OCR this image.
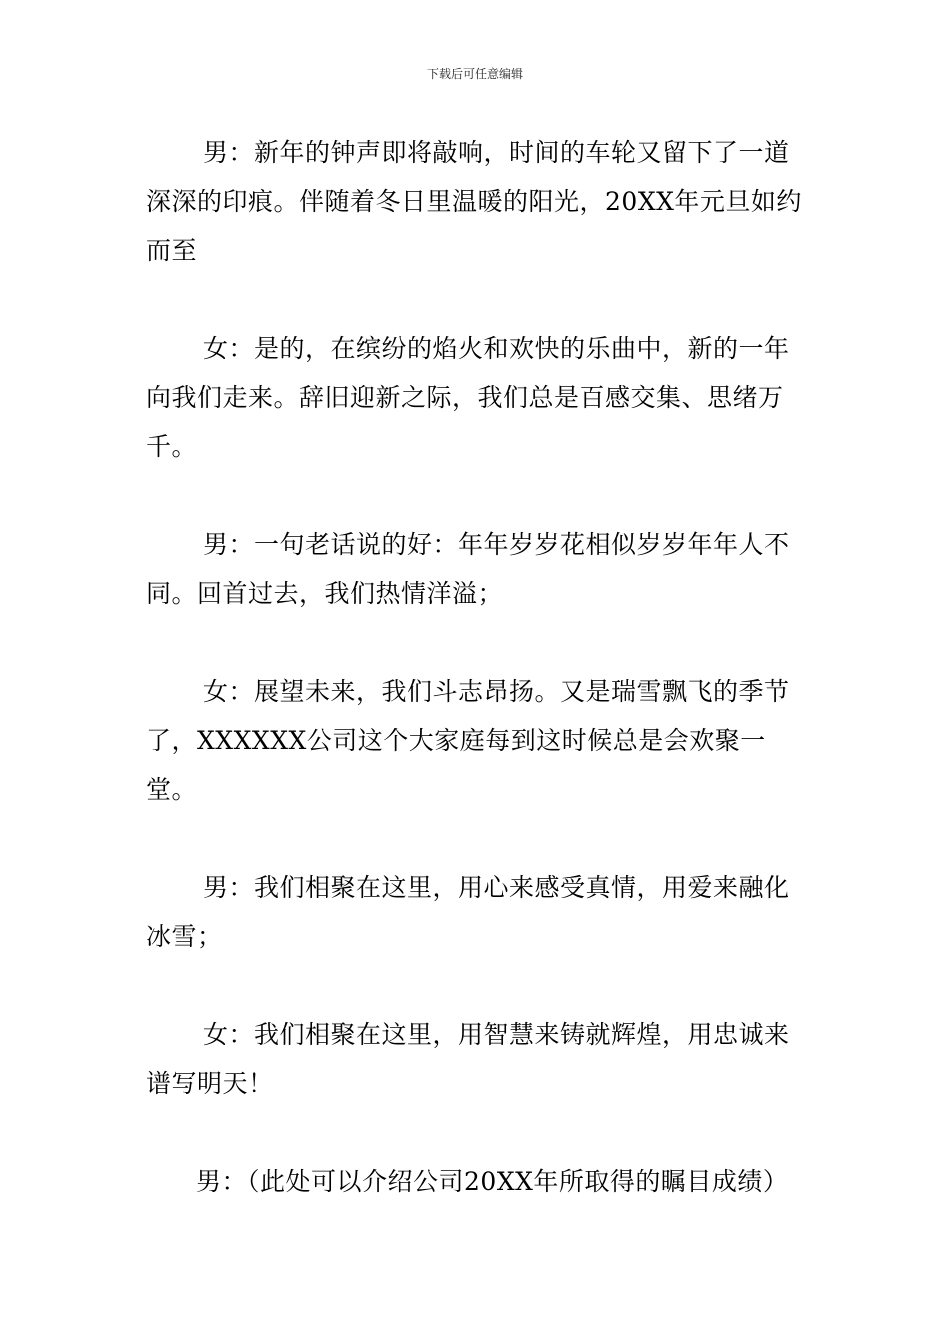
下载后可任意编辑

男：新年的钟声即将敲响，时间的车轮又留下了一道深深的印痕。伴随着冬日里温暖的阳光，20XX年元旦如约而至

女：是的，在缤纷的焰火和欢快的乐曲中，新的一年向我们走来。辞旧迎新之际，我们总是百感交集、思绪万千。

男：一句老话说的好：年年岁岁花相似岁岁年年人不同。回首过去，我们热情洋溢；

女：展望未来，我们斗志昂扬。又是瑞雪飘飞的季节了，XXXXXX公司这个大家庭每到这时候总是会欢聚一堂。

男：我们相聚在这里，用心来感受真情，用爱来融化冰雪；

女：我们相聚在这里，用智慧来铸就辉煌，用忠诚来谱写明天！

男：（此处可以介绍公司20XX年所取得的瞩目成绩）
